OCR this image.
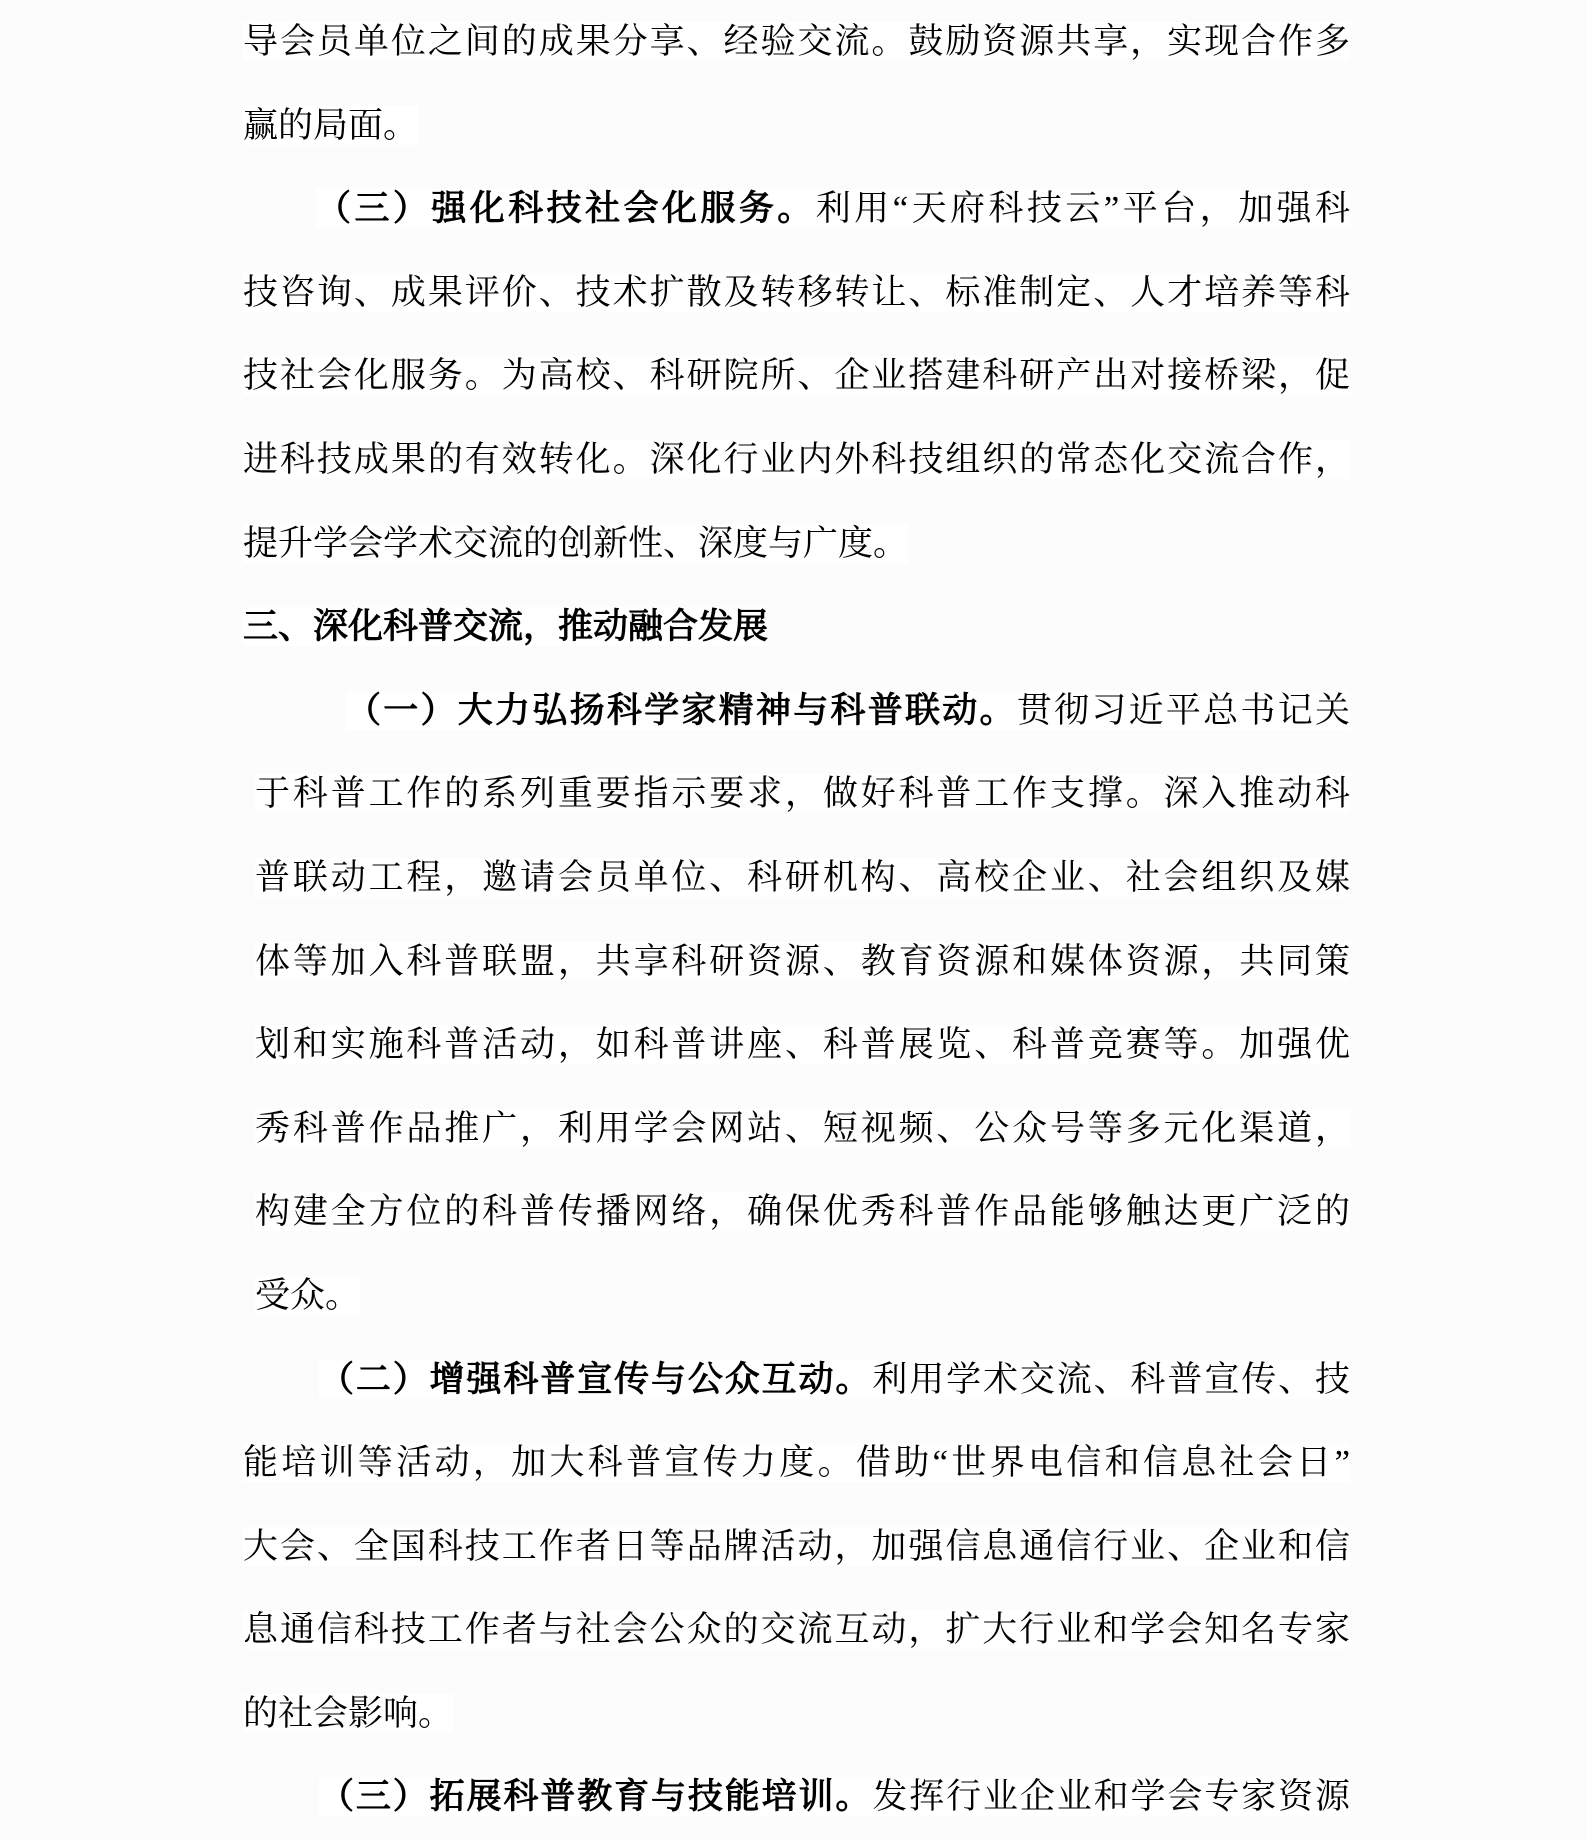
导会员单位之间的成果分享、经验交流。鼓励资源共享，实现合作多
赢的局面。
（三）强化科技社会化服务。利用“天府科技云”平台，加强科
技咨询、成果评价、技术扩散及转移转让、标准制定、人才培养等科
技社会化服务。为高校、科研院所、企业搭建科研产出对接桥梁，促
进科技成果的有效转化。深化行业内外科技组织的常态化交流合作，
提升学会学术交流的创新性、深度与广度。
三、深化科普交流，推动融合发展
（一）大力弘扬科学家精神与科普联动。贯彻习近平总书记关
于科普工作的系列重要指示要求，做好科普工作支撑。深入推动科
普联动工程，邀请会员单位、科研机构、高校企业、社会组织及媒
体等加入科普联盟，共享科研资源、教育资源和媒体资源，共同策
划和实施科普活动，如科普讲座、科普展览、科普竞赛等。加强优
秀科普作品推广，利用学会网站、短视频、公众号等多元化渠道，
构建全方位的科普传播网络，确保优秀科普作品能够触达更广泛的
受众。
（二）增强科普宣传与公众互动。利用学术交流、科普宣传、技
能培训等活动，加大科普宣传力度。借助“世界电信和信息社会日”
大会、全国科技工作者日等品牌活动，加强信息通信行业、企业和信
息通信科技工作者与社会公众的交流互动，扩大行业和学会知名专家
的社会影响。
（三）拓展科普教育与技能培训。发挥行业企业和学会专家资源
